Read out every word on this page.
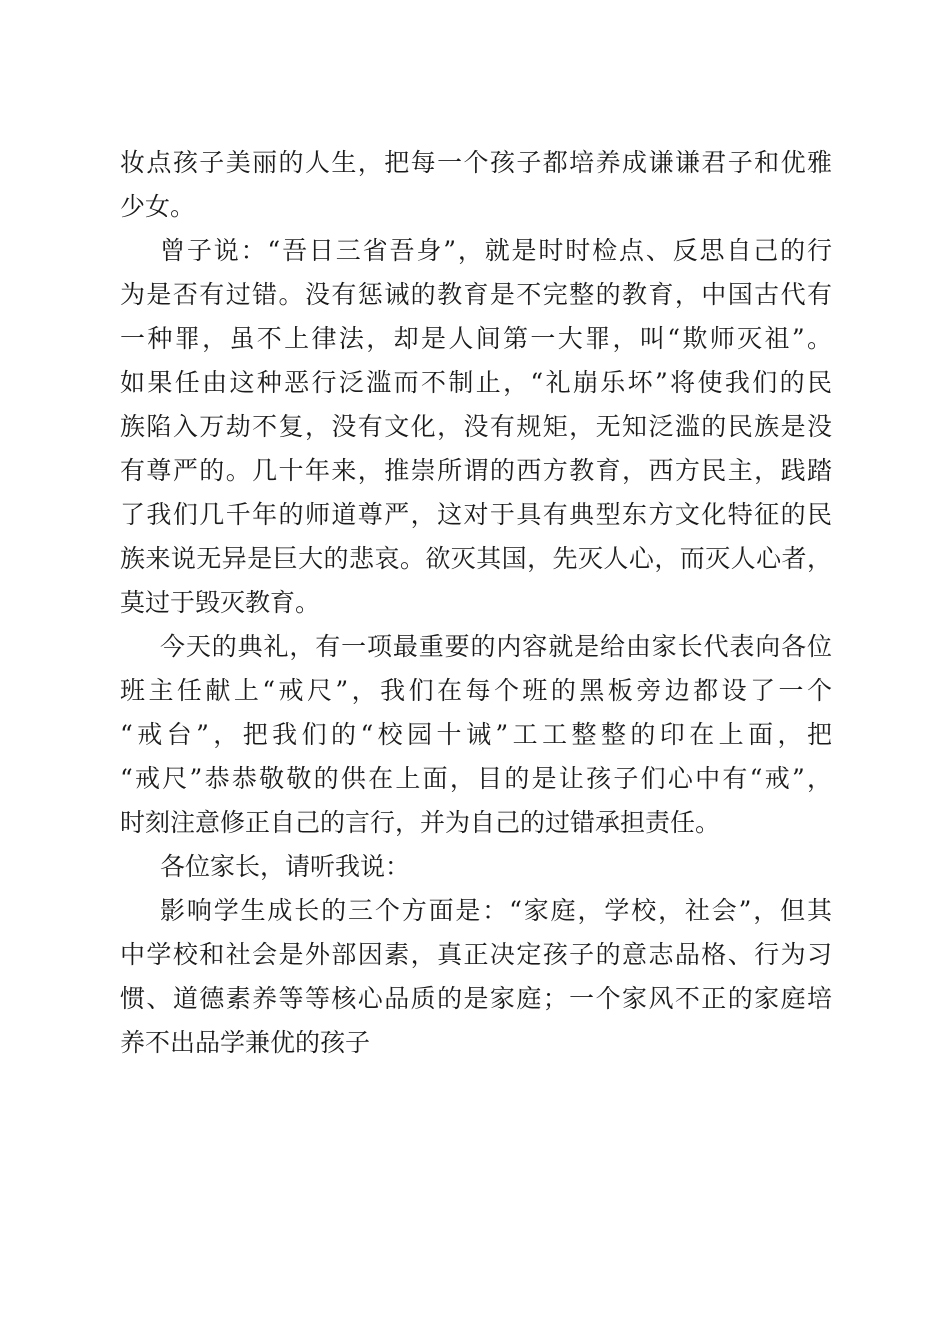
妆点孩子美丽的人生，把每一个孩子都培养成谦谦君子和优雅

少女。

曾子说：“吾日三省吾身”，就是时时检点、反思自己的行

为是否有过错。没有惩诫的教育是不完整的教育，中国古代有

一种罪，虽不上律法，却是人间第一大罪，叫“欺师灭祖”。

如果任由这种恶行泛滥而不制止，“礼崩乐坏”将使我们的民

族陷入万劫不复，没有文化，没有规矩，无知泛滥的民族是没

有尊严的。几十年来，推崇所谓的西方教育，西方民主，践踏

了我们几千年的师道尊严，这对于具有典型东方文化特征的民

族来说无异是巨大的悲哀。欲灭其国，先灭人心，而灭人心者，

莫过于毁灭教育。

今天的典礼，有一项最重要的内容就是给由家长代表向各位

班主任献上“戒尺”，我们在每个班的黑板旁边都设了一个

“戒台”，把我们的“校园十诫”工工整整的印在上面，把

“戒尺”恭恭敬敬的供在上面，目的是让孩子们心中有“戒”，

时刻注意修正自己的言行，并为自己的过错承担责任。

各位家长，请听我说：

影响学生成长的三个方面是：“家庭，学校，社会”，但其

中学校和社会是外部因素，真正决定孩子的意志品格、行为习

惯、道德素养等等核心品质的是家庭；一个家风不正的家庭培

养不出品学兼优的孩子
